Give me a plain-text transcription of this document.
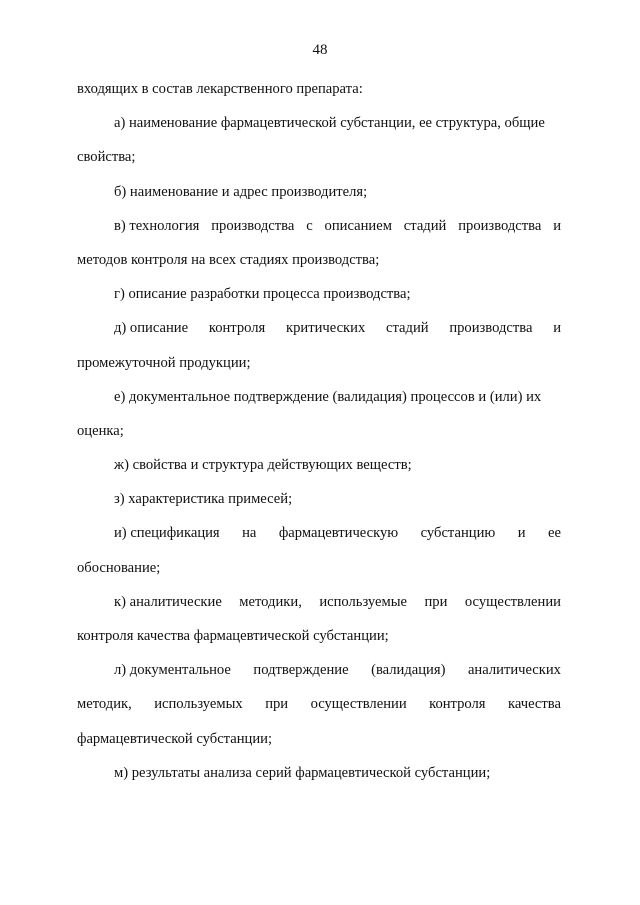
48
входящих в состав лекарственного препарата:
а) наименование фармацевтической субстанции, ее структура, общие
свойства;
б) наименование и адрес производителя;
в) технология производства с описанием стадий производства и
методов контроля на всех стадиях производства;
г) описание разработки процесса производства;
д) описание контроля критических стадий производства и
промежуточной продукции;
е) документальное подтверждение (валидация) процессов и (или) их
оценка;
ж) свойства и структура действующих веществ;
з) характеристика примесей;
и) спецификация на фармацевтическую субстанцию и ее
обоснование;
к) аналитические методики, используемые при осуществлении
контроля качества фармацевтической субстанции;
л) документальное подтверждение (валидация) аналитических
методик, используемых при осуществлении контроля качества
фармацевтической субстанции;
м) результаты анализа серий фармацевтической субстанции;
